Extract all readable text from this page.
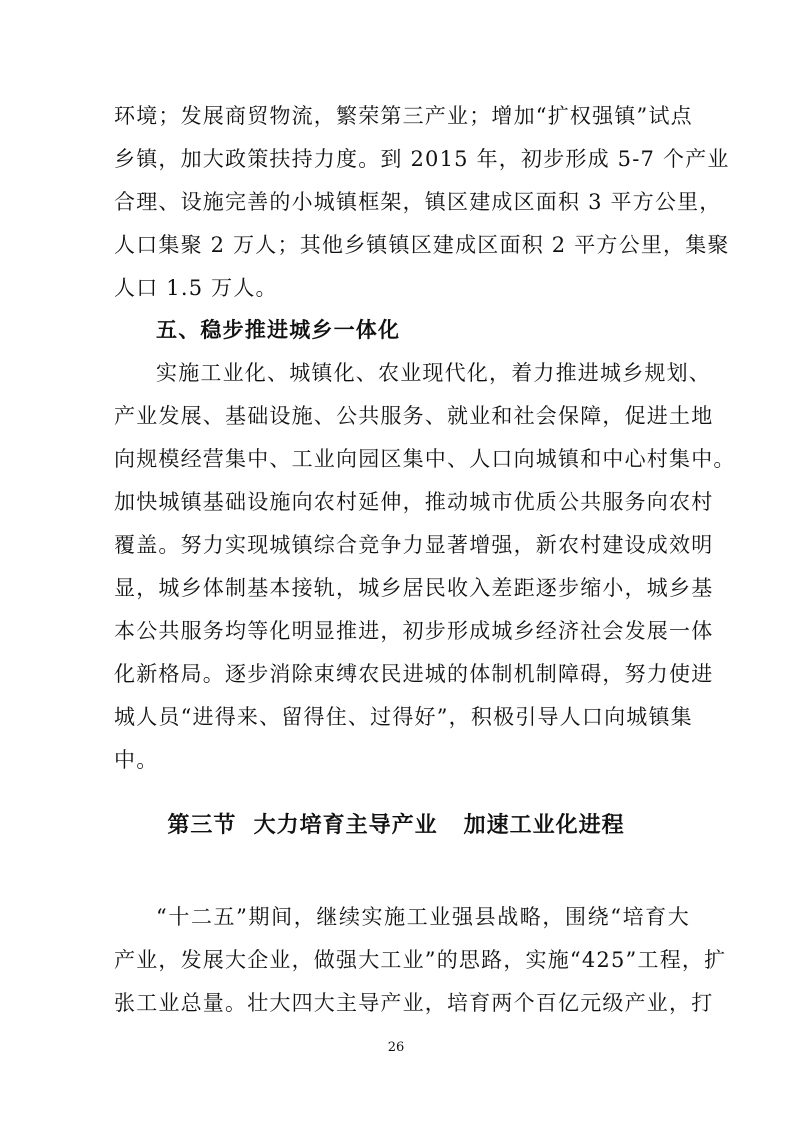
环境；发展商贸物流，繁荣第三产业；增加“扩权强镇”试点
乡镇，加大政策扶持力度。到 2015 年，初步形成 5-7 个产业
合理、设施完善的小城镇框架，镇区建成区面积 3 平方公里，
人口集聚 2 万人；其他乡镇镇区建成区面积 2 平方公里，集聚
人口 1.5 万人。
五、稳步推进城乡一体化
实施工业化、城镇化、农业现代化，着力推进城乡规划、
产业发展、基础设施、公共服务、就业和社会保障，促进土地
向规模经营集中、工业向园区集中、人口向城镇和中心村集中。
加快城镇基础设施向农村延伸，推动城市优质公共服务向农村
覆盖。努力实现城镇综合竞争力显著增强，新农村建设成效明
显，城乡体制基本接轨，城乡居民收入差距逐步缩小，城乡基
本公共服务均等化明显推进，初步形成城乡经济社会发展一体
化新格局。逐步消除束缚农民进城的体制机制障碍，努力使进
城人员“进得来、留得住、过得好”，积极引导人口向城镇集
中。
第三节  大力培育主导产业   加速工业化进程
“十二五”期间，继续实施工业强县战略，围绕“培育大
产业，发展大企业，做强大工业”的思路，实施“425”工程，扩
张工业总量。壮大四大主导产业，培育两个百亿元级产业，打
26
